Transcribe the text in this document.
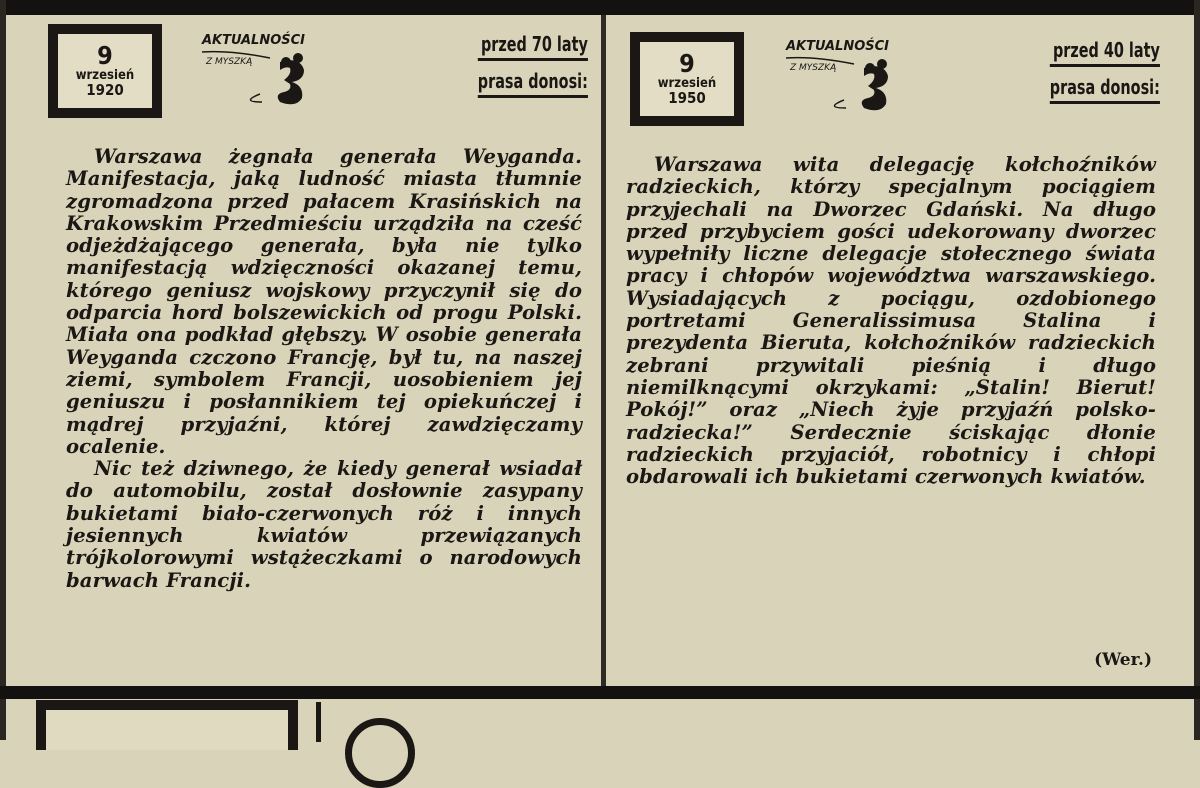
9
wrzesień
1920
AKTUALNOŚCI
Z MYSZKĄ
przed 70 laty
prasa donosi:

Warszawa żegnała generała Weyganda. Manifestacja, jaką ludność miasta tłumnie zgromadzona przed pałacem Krasińskich na Krakowskim Przedmieściu urządziła na cześć odjeżdżającego generała, była nie tylko manifestacją wdzięczności okazanej temu, którego geniusz wojskowy przyczynił się do odparcia hord bolszewickich od progu Polski. Miała ona podkład głębszy. W osobie generała Weyganda czczono Francję, był tu, na naszej ziemi, symbolem Francji, uosobieniem jej geniuszu i posłannikiem tej opiekuńczej i mądrej przyjaźni, której zawdzięczamy ocalenie.

Nic też dziwnego, że kiedy generał wsiadał do automobilu, został dosłownie zasypany bukietami biało-czerwonych róż i innych jesiennych kwiatów przewiązanych trójkolorowymi wstążeczkami o narodowych barwach Francji.

9
wrzesień
1950
AKTUALNOŚCI
Z MYSZKĄ
przed 40 laty
prasa donosi:

Warszawa wita delegację kołchoźników radzieckich, którzy specjalnym pociągiem przyjechali na Dworzec Gdański. Na długo przed przybyciem gości udekorowany dworzec wypełniły liczne delegacje stołecznego świata pracy i chłopów województwa warszawskiego. Wysiadających z pociągu, ozdobionego portretami Generalissimusa Stalina i prezydenta Bieruta, kołchoźników radzieckich zebrani przywitali pieśnią i długo niemilknącymi okrzykami: „Stalin! Bierut! Pokój!” oraz „Niech żyje przyjaźń polsko-radziecka!” Serdecznie ściskając dłonie radzieckich przyjaciół, robotnicy i chłopi obdarowali ich bukietami czerwonych kwiatów.

(Wer.)
